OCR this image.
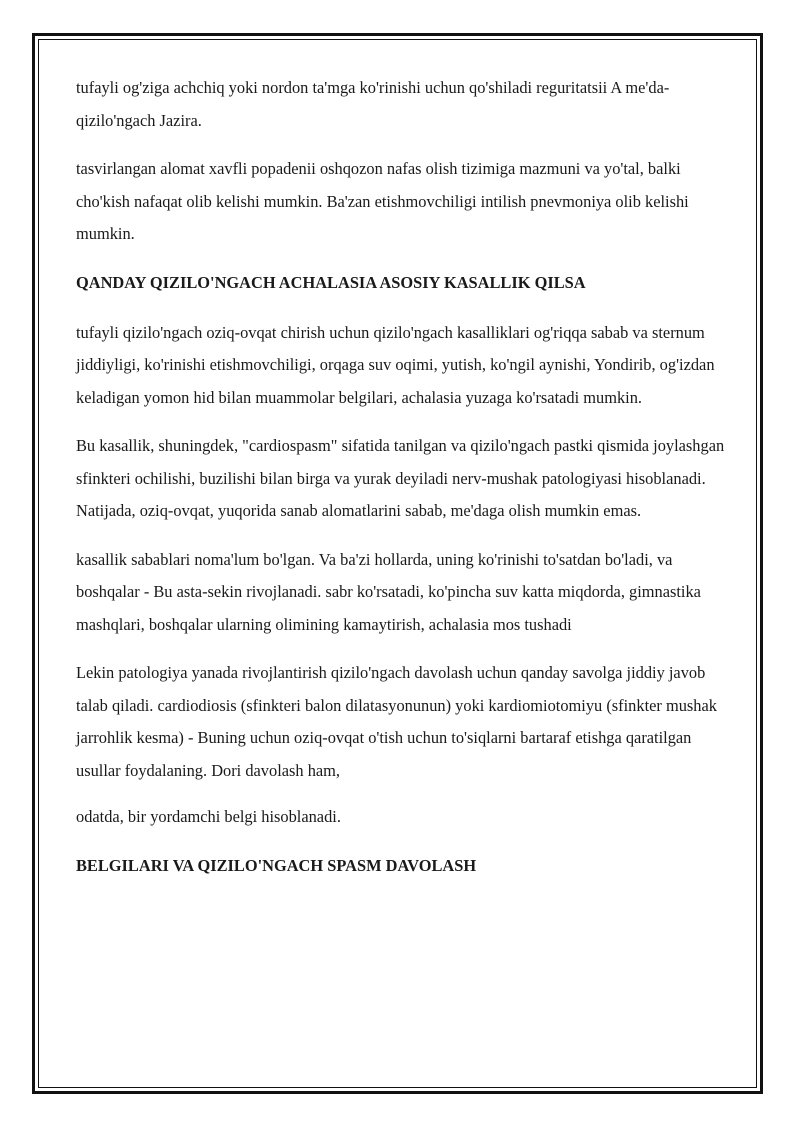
tufayli og'ziga achchiq yoki nordon ta'mga ko'rinishi uchun qo'shiladi reguritatsii A me'da-qizilo'ngach Jazira.

tasvirlangan alomat xavfli popadenii oshqozon nafas olish tizimiga mazmuni va yo'tal, balki cho'kish nafaqat olib kelishi mumkin. Ba'zan etishmovchiligi intilish pnevmoniya olib kelishi mumkin.

QANDAY QIZILO'NGACH ACHALASIA ASOSIY KASALLIK QILSA

tufayli qizilo'ngach oziq-ovqat chirish uchun qizilo'ngach kasalliklari og'riqqa sabab va sternum jiddiyligi, ko'rinishi etishmovchiligi, orqaga suv oqimi, yutish, ko'ngil aynishi, Yondirib, og'izdan keladigan yomon hid bilan muammolar belgilari, achalasia yuzaga ko'rsatadi mumkin.

Bu kasallik, shuningdek, "cardiospasm" sifatida tanilgan va qizilo'ngach pastki qismida joylashgan sfinkteri ochilishi, buzilishi bilan birga va yurak deyiladi nerv-mushak patologiyasi hisoblanadi. Natijada, oziq-ovqat, yuqorida sanab alomatlarini sabab, me'daga olish mumkin emas.

kasallik sabablari noma'lum bo'lgan. Va ba'zi hollarda, uning ko'rinishi to'satdan bo'ladi, va boshqalar - Bu asta-sekin rivojlanadi. sabr ko'rsatadi, ko'pincha suv katta miqdorda, gimnastika mashqlari, boshqalar ularning olimining kamaytirish, achalasia mos tushadi

Lekin patologiya yanada rivojlantirish qizilo'ngach davolash uchun qanday savolga jiddiy javob talab qiladi. cardiodiosis (sfinkteri balon dilatasyonunun) yoki kardiomiotomiyu (sfinkter mushak jarrohlik kesma) - Buning uchun oziq-ovqat o'tish uchun to'siqlarni bartaraf etishga qaratilgan usullar foydalaning. Dori davolash ham,

odatda, bir yordamchi belgi hisoblanadi.

BELGILARI VA QIZILO'NGACH SPASM DAVOLASH
